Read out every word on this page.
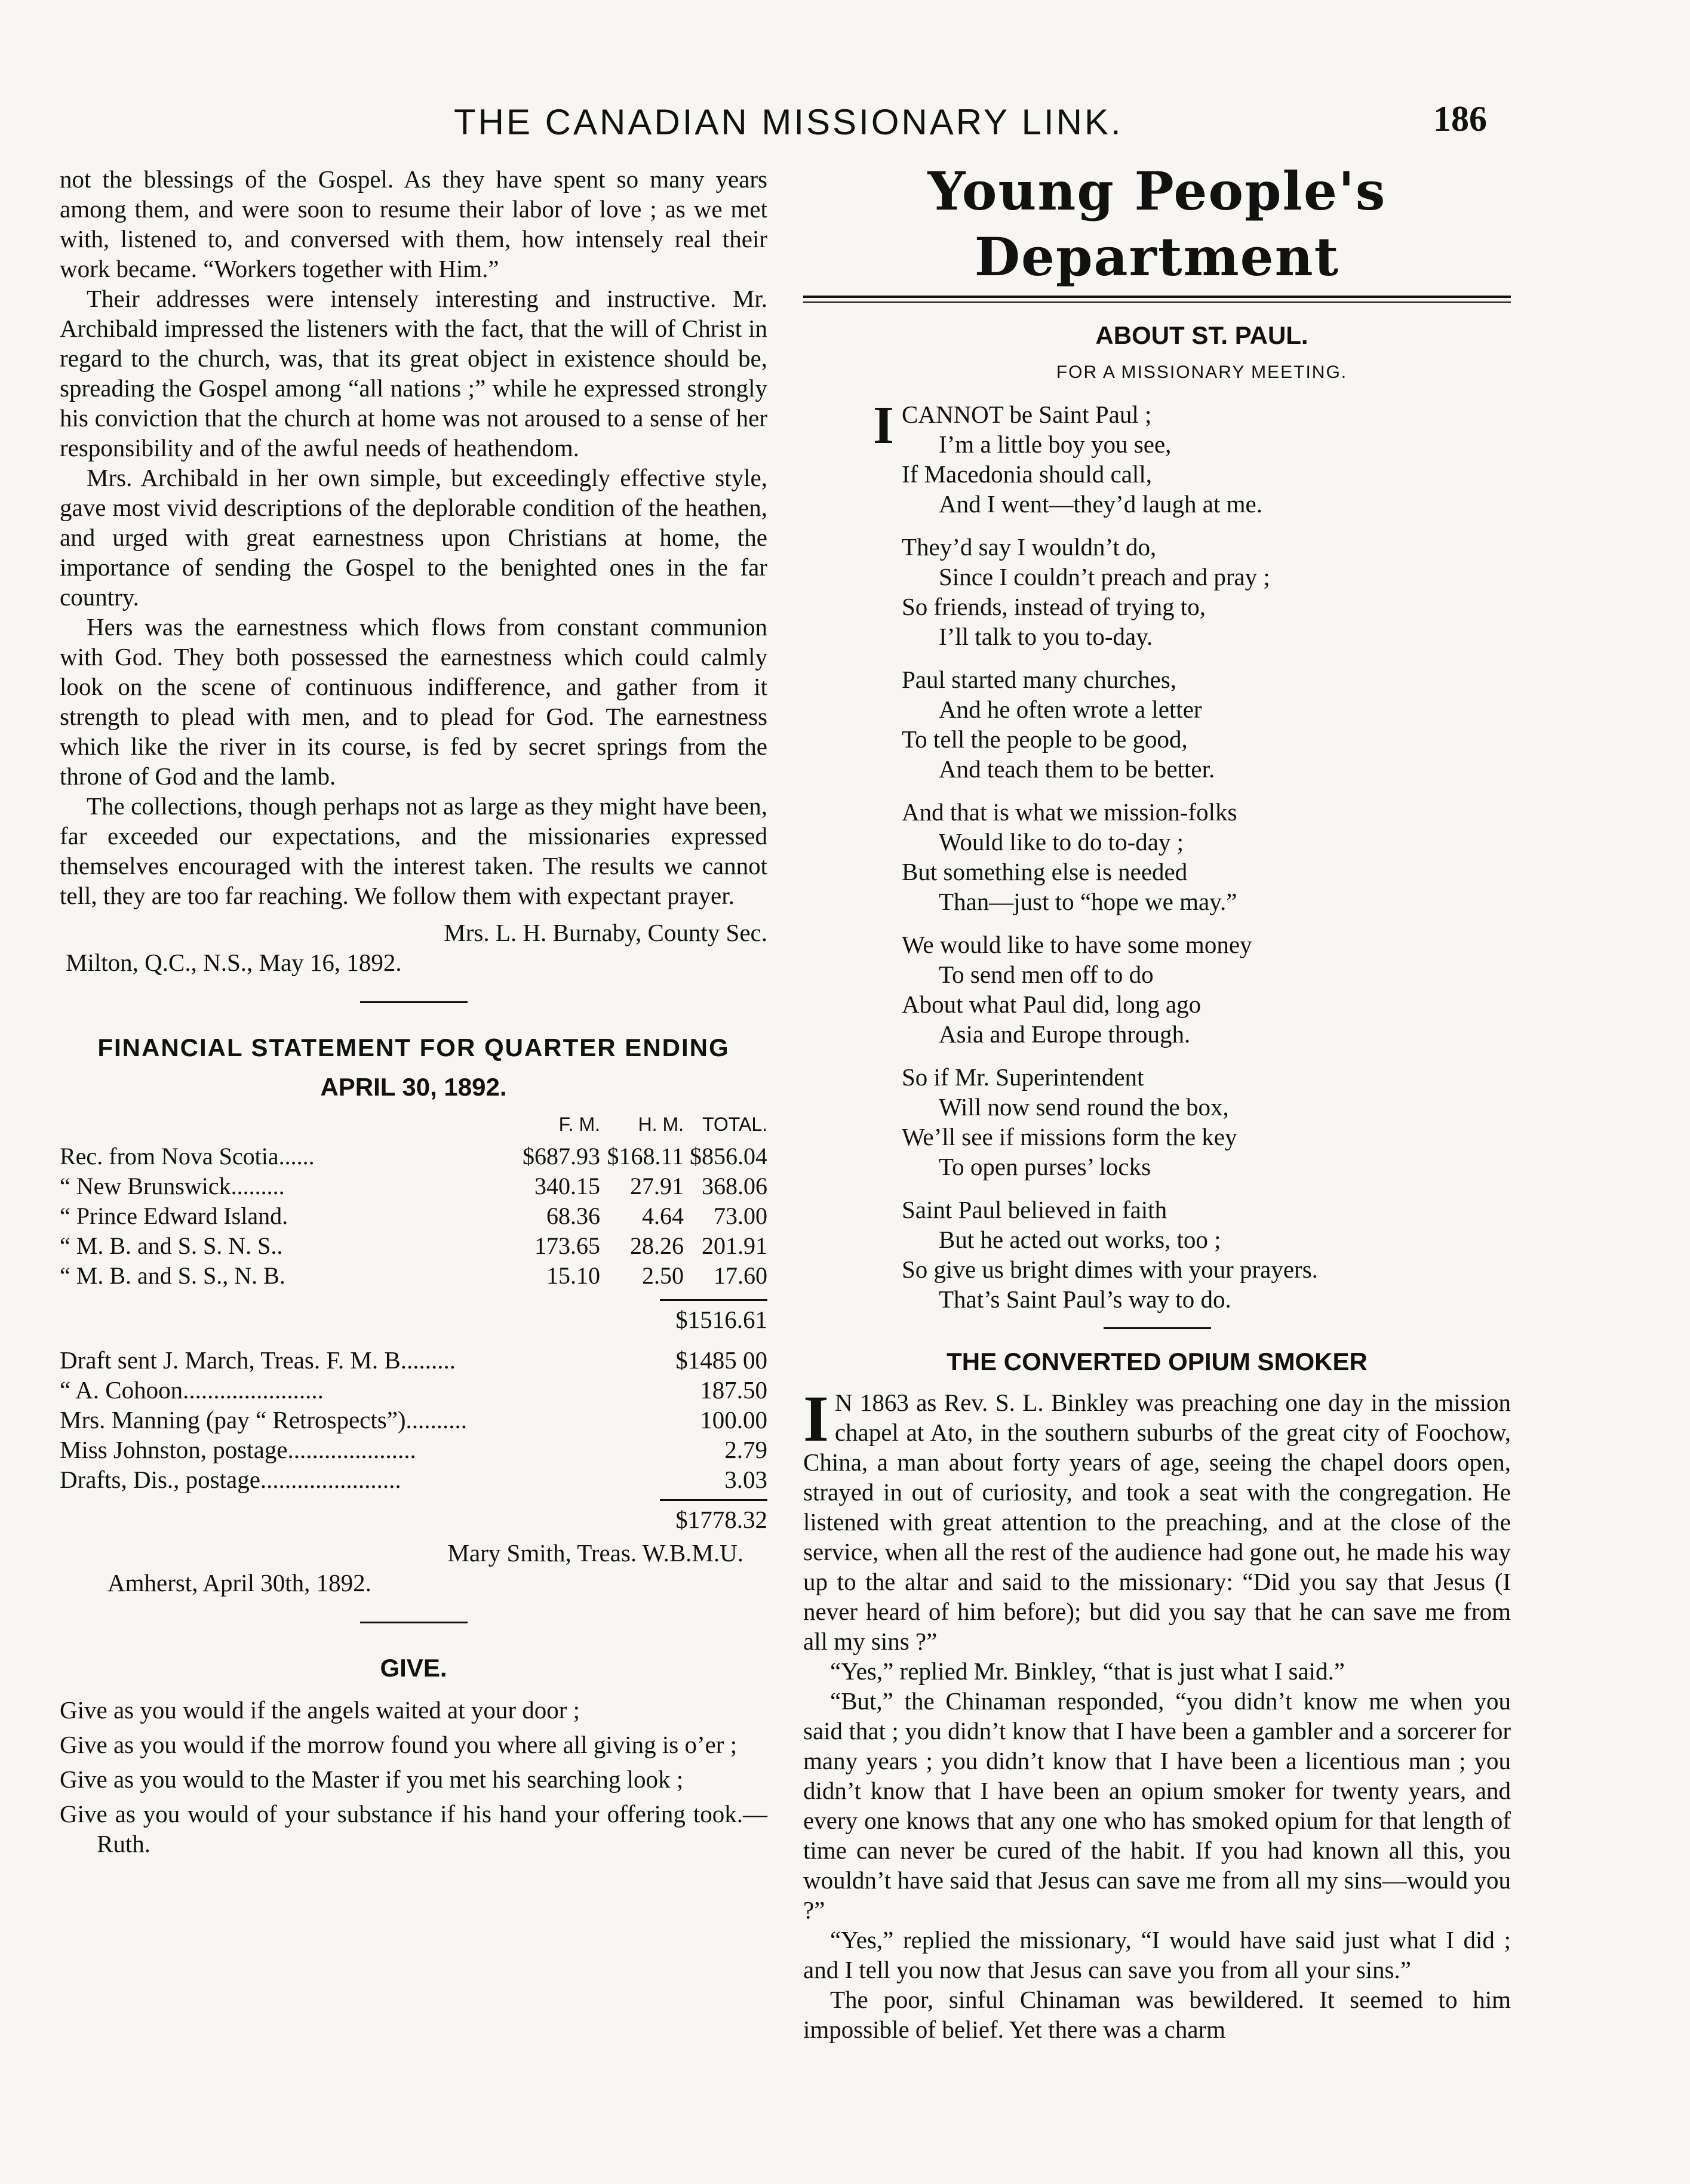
THE CANADIAN MISSIONARY LINK.	186

not the blessings of the Gospel. As they have spent so many years among them, and were soon to resume their labor of love ; as we met with, listened to, and conversed with them, how intensely real their work became. “Workers together with Him.”

Their addresses were intensely interesting and instructive. Mr. Archibald impressed the listeners with the fact, that the will of Christ in regard to the church, was, that its great object in existence should be, spreading the Gospel among “all nations ;” while he expressed strongly his conviction that the church at home was not aroused to a sense of her responsibility and of the awful needs of heathendom.

Mrs. Archibald in her own simple, but exceedingly effective style, gave most vivid descriptions of the deplorable condition of the heathen, and urged with great earnestness upon Christians at home, the importance of sending the Gospel to the benighted ones in the far country.

Hers was the earnestness which flows from constant communion with God. They both possessed the earnestness which could calmly look on the scene of continuous indifference, and gather from it strength to plead with men, and to plead for God. The earnestness which like the river in its course, is fed by secret springs from the throne of God and the lamb.

The collections, though perhaps not as large as they might have been, far exceeded our expectations, and the missionaries expressed themselves encouraged with the interest taken. The results we cannot tell, they are too far reaching. We follow them with expectant prayer.

Mrs. L. H. Burnaby, County Sec.

Milton, Q.C., N.S., May 16, 1892.

FINANCIAL STATEMENT FOR QUARTER ENDING
APRIL 30, 1892.
	F. M.	H. M.	TOTAL.
Rec. from Nova Scotia......	$687.93	$168.11	$856.04
“ New Brunswick.........	340.15	27.91	368.06
“ Prince Edward Island.	68.36	4.64	73.00
“ M. B. and S. S. N. S..	173.65	28.26	201.91
“ M. B. and S. S., N. B.	15.10	2.50	17.60
$1516.61
Draft sent J. March, Treas. F. M. B.........	$1485 00
“ A. Cohoon.......................	187.50
Mrs. Manning (pay “ Retrospects”)..........	100.00
Miss Johnston, postage.....................	2.79
Drafts, Dis., postage.......................	3.03
$1778.32

Mary Smith, Treas. W.B.M.U.

Amherst, April 30th, 1892.

GIVE.

Give as you would if the angels waited at your door ;

Give as you would if the morrow found you where all giving is o’er ;

Give as you would to the Master if you met his searching look ;

Give as you would of your substance if his hand your offering took.—Ruth.

Young People's Department
ABOUT ST. PAUL.
FOR A MISSIONARY MEETING.
I CANNOT be Saint Paul ;

I’m a little boy you see,

If Macedonia should call,

And I went—they’d laugh at me.

They’d say I wouldn’t do,

Since I couldn’t preach and pray ;

So friends, instead of trying to,

I’ll talk to you to-day.

Paul started many churches,

And he often wrote a letter

To tell the people to be good,

And teach them to be better.

And that is what we mission-folks

Would like to do to-day ;

But something else is needed

Than—just to “hope we may.”

We would like to have some money

To send men off to do

About what Paul did, long ago

Asia and Europe through.

So if Mr. Superintendent

Will now send round the box,

We’ll see if missions form the key

To open purses’ locks

Saint Paul believed in faith

But he acted out works, too ;

So give us bright dimes with your prayers.

That’s Saint Paul’s way to do.

THE CONVERTED OPIUM SMOKER
I N 1863 as Rev. S. L. Binkley was preaching one day in the mission chapel at Ato, in the southern suburbs of the great city of Foochow, China, a man about forty years of age, seeing the chapel doors open, strayed in out of curiosity, and took a seat with the congregation. He listened with great attention to the preaching, and at the close of the service, when all the rest of the audience had gone out, he made his way up to the altar and said to the missionary: “Did you say that Jesus (I never heard of him before); but did you say that he can save me from all my sins ?”

“Yes,” replied Mr. Binkley, “that is just what I said.”

“But,” the Chinaman responded, “you didn’t know me when you said that ; you didn’t know that I have been a gambler and a sorcerer for many years ; you didn’t know that I have been a licentious man ; you didn’t know that I have been an opium smoker for twenty years, and every one knows that any one who has smoked opium for that length of time can never be cured of the habit. If you had known all this, you wouldn’t have said that Jesus can save me from all my sins—would you ?”

“Yes,” replied the missionary, “I would have said just what I did ; and I tell you now that Jesus can save you from all your sins.”

The poor, sinful Chinaman was bewildered. It seemed to him impossible of belief. Yet there was a charm
